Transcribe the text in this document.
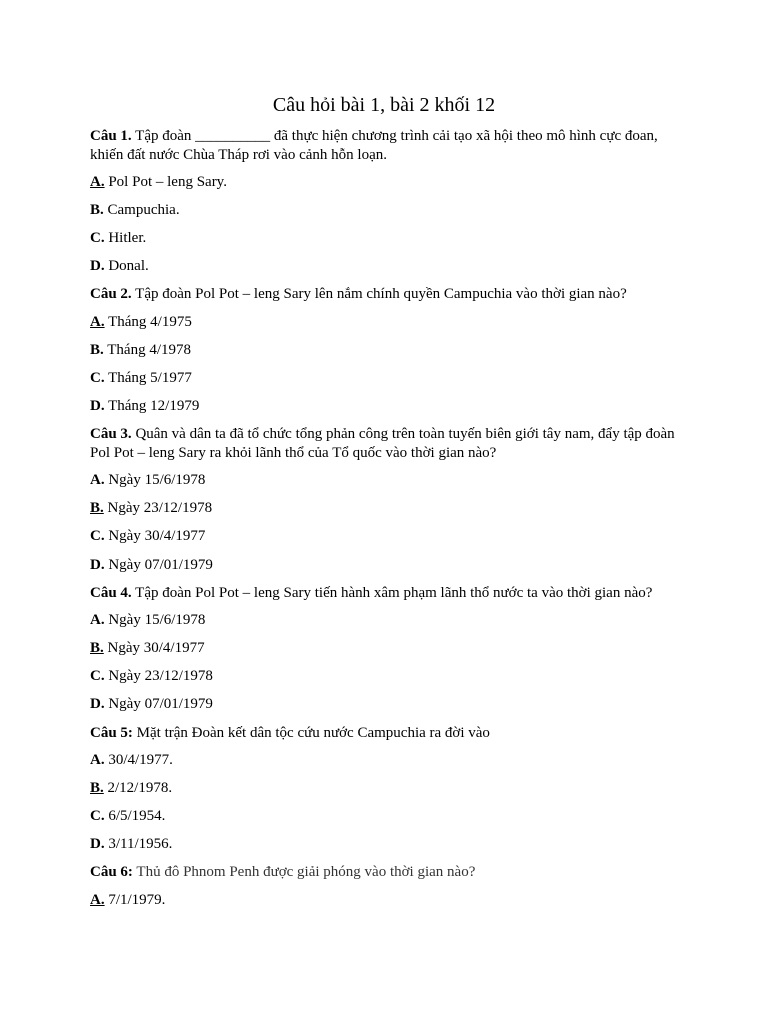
Câu hỏi bài 1, bài 2 khối 12

Câu 1. Tập đoàn __________ đã thực hiện chương trình cải tạo xã hội theo mô hình cực đoan, khiến đất nước Chùa Tháp rơi vào cảnh hỗn loạn.

A. Pol Pot – leng Sary.

B. Campuchia.

C. Hitler.

D. Donal.

Câu 2. Tập đoàn Pol Pot – leng Sary lên nắm chính quyền Campuchia vào thời gian nào?

A. Tháng 4/1975

B. Tháng 4/1978

C. Tháng 5/1977

D. Tháng 12/1979

Câu 3. Quân và dân ta đã tổ chức tổng phản công trên toàn tuyến biên giới tây nam, đẩy tập đoàn Pol Pot – leng Sary ra khỏi lãnh thổ của Tổ quốc vào thời gian nào?

A. Ngày 15/6/1978

B. Ngày 23/12/1978

C. Ngày 30/4/1977

D. Ngày 07/01/1979

Câu 4. Tập đoàn Pol Pot – leng Sary tiến hành xâm phạm lãnh thổ nước ta vào thời gian nào?

A. Ngày 15/6/1978

B. Ngày 30/4/1977

C. Ngày 23/12/1978

D. Ngày 07/01/1979

Câu 5: Mặt trận Đoàn kết dân tộc cứu nước Campuchia ra đời vào

A. 30/4/1977.

B. 2/12/1978.

C. 6/5/1954.

D. 3/11/1956.

Câu 6: Thủ đô Phnom Penh được giải phóng vào thời gian nào?

A. 7/1/1979.
